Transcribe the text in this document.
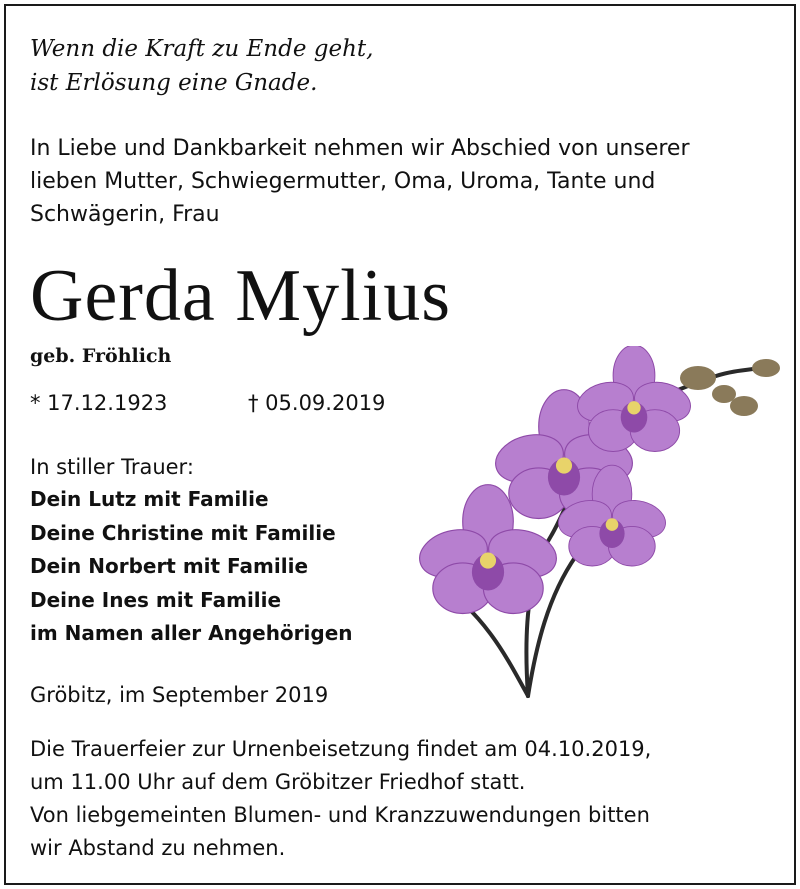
Wenn die Kraft zu Ende geht,
ist Erlösung eine Gnade.
In Liebe und Dankbarkeit nehmen wir Abschied von unserer
lieben Mutter, Schwiegermutter, Oma, Uroma, Tante und
Schwägerin, Frau
Gerda Mylius
geb. Fröhlich
* 17.12.1923	† 05.09.2019
In stiller Trauer:
Dein Lutz mit Familie
Deine Christine mit Familie
Dein Norbert mit Familie
Deine Ines mit Familie
im Namen aller Angehörigen
Gröbitz, im September 2019
Die Trauerfeier zur Urnenbeisetzung findet am 04.10.2019,
um 11.00 Uhr auf dem Gröbitzer Friedhof statt.
Von liebgemeinten Blumen- und Kranzzuwendungen bitten
wir Abstand zu nehmen.
